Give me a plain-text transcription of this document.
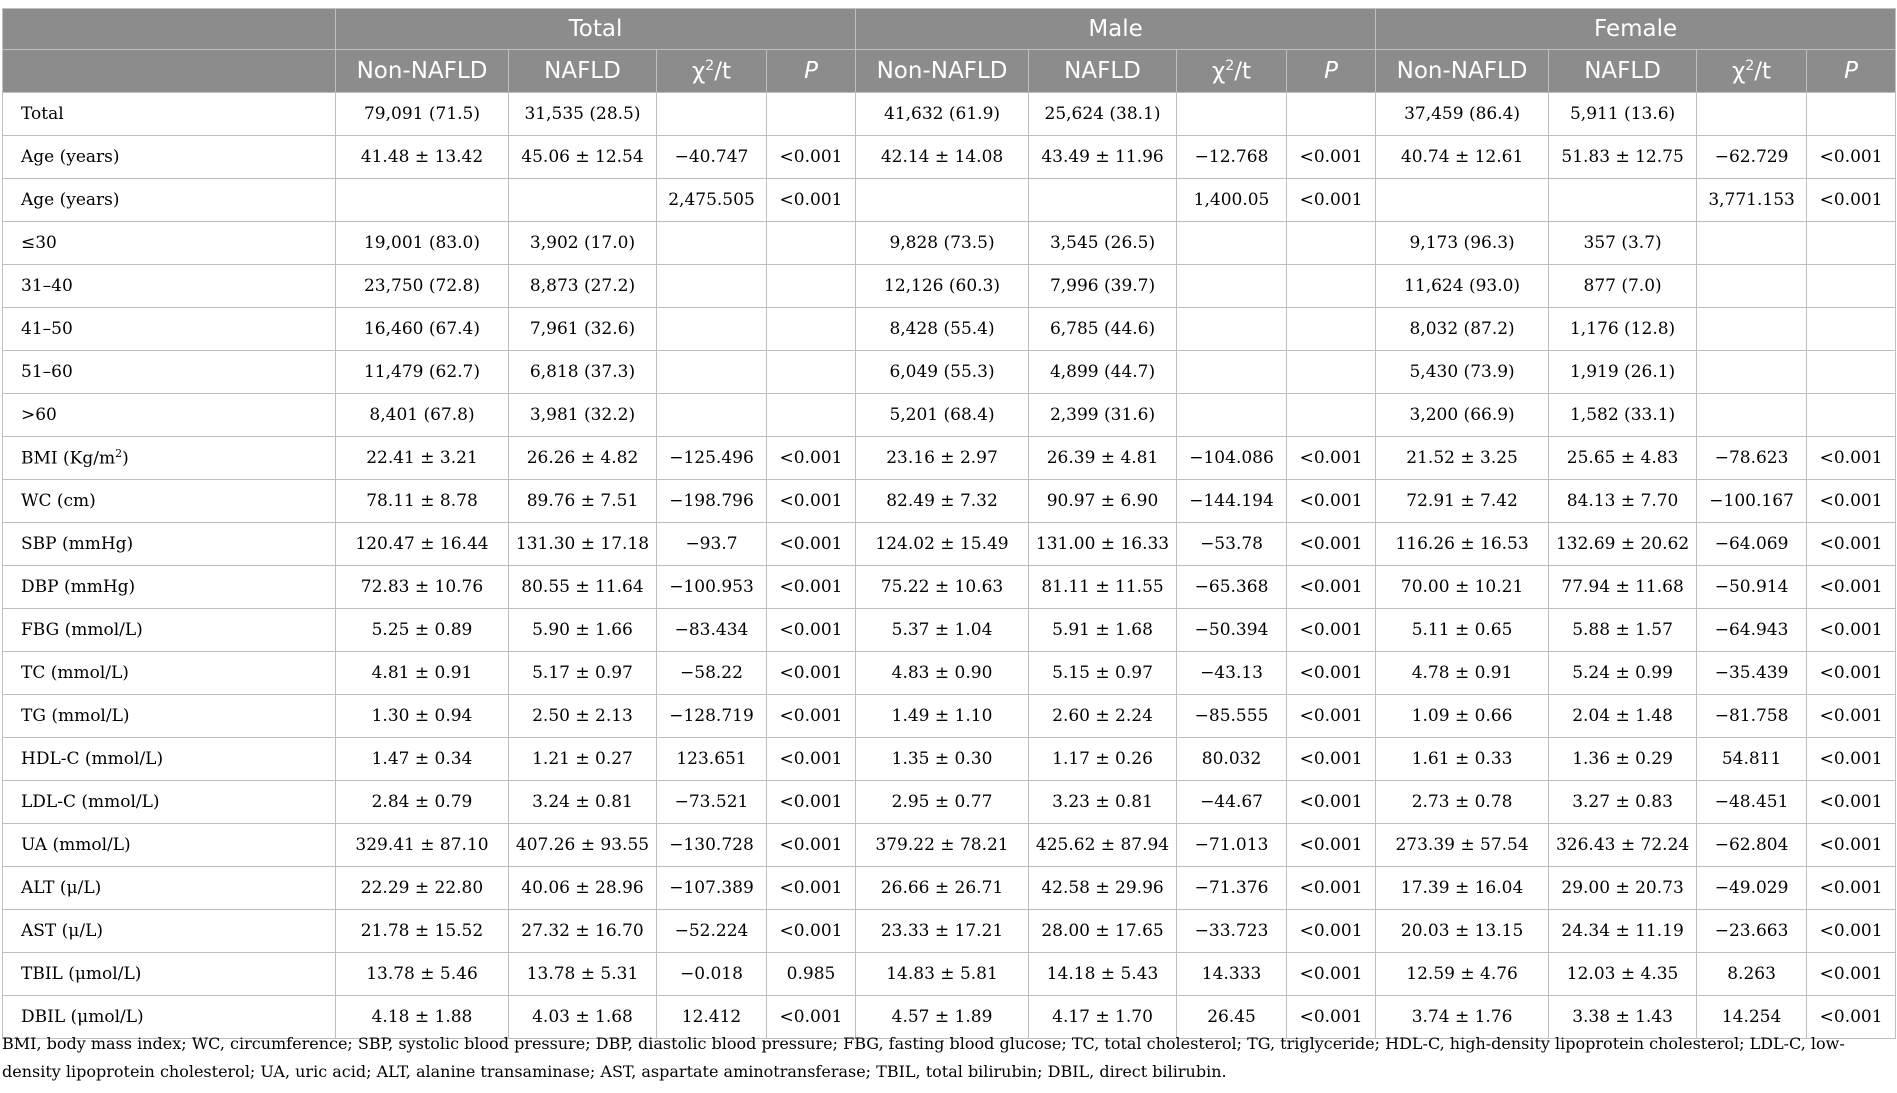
	Total				Male				Female			
	Non-NAFLD	NAFLD	$\chi^2/t$	P	Non-NAFLD	NAFLD	$\chi^2/t$	P	Non-NAFLD	NAFLD	$\chi^2/t$	P
Total	79,091 (71.5)	31,535 (28.5)			41,632 (61.9)	25,624 (38.1)			37,459 (86.4)	5,911 (13.6)		
Age (years)	41.48 ± 13.42	45.06 ± 12.54	−40.747	<0.001	42.14 ± 14.08	43.49 ± 11.96	−12.768	<0.001	40.74 ± 12.61	51.83 ± 12.75	−62.729	<0.001
Age (years)			2,475.505	<0.001			1,400.05	<0.001			3,771.153	<0.001
≤30	19,001 (83.0)	3,902 (17.0)			9,828 (73.5)	3,545 (26.5)			9,173 (96.3)	357 (3.7)		
31–40	23,750 (72.8)	8,873 (27.2)			12,126 (60.3)	7,996 (39.7)			11,624 (93.0)	877 (7.0)		
41–50	16,460 (67.4)	7,961 (32.6)			8,428 (55.4)	6,785 (44.6)			8,032 (87.2)	1,176 (12.8)		
51–60	11,479 (62.7)	6,818 (37.3)			6,049 (55.3)	4,899 (44.7)			5,430 (73.9)	1,919 (26.1)		
>60	8,401 (67.8)	3,981 (32.2)			5,201 (68.4)	2,399 (31.6)			3,200 (66.9)	1,582 (33.1)		
BMI $(Kg/m^2)$	22.41 ± 3.21	26.26 ± 4.82	−125.496	<0.001	23.16 ± 2.97	26.39 ± 4.81	−104.086	<0.001	21.52 ± 3.25	25.65 ± 4.83	−78.623	<0.001
WC (cm)	78.11 ± 8.78	89.76 ± 7.51	−198.796	<0.001	82.49 ± 7.32	90.97 ± 6.90	−144.194	<0.001	72.91 ± 7.42	84.13 ± 7.70	−100.167	<0.001
SBP (mmHg)	120.47 ± 16.44	131.30 ± 17.18	−93.7	<0.001	124.02 ± 15.49	131.00 ± 16.33	−53.78	<0.001	116.26 ± 16.53	132.69 ± 20.62	−64.069	<0.001
DBP (mmHg)	72.83 ± 10.76	80.55 ± 11.64	−100.953	<0.001	75.22 ± 10.63	81.11 ± 11.55	−65.368	<0.001	70.00 ± 10.21	77.94 ± 11.68	−50.914	<0.001
FBG (mmol/L)	5.25 ± 0.89	5.90 ± 1.66	−83.434	<0.001	5.37 ± 1.04	5.91 ± 1.68	−50.394	<0.001	5.11 ± 0.65	5.88 ± 1.57	−64.943	<0.001
TC (mmol/L)	4.81 ± 0.91	5.17 ± 0.97	−58.22	<0.001	4.83 ± 0.90	5.15 ± 0.97	−43.13	<0.001	4.78 ± 0.91	5.24 ± 0.99	−35.439	<0.001
TG (mmol/L)	1.30 ± 0.94	2.50 ± 2.13	−128.719	<0.001	1.49 ± 1.10	2.60 ± 2.24	−85.555	<0.001	1.09 ± 0.66	2.04 ± 1.48	−81.758	<0.001
HDL-C (mmol/L)	1.47 ± 0.34	1.21 ± 0.27	123.651	<0.001	1.35 ± 0.30	1.17 ± 0.26	80.032	<0.001	1.61 ± 0.33	1.36 ± 0.29	54.811	<0.001
LDL-C (mmol/L)	2.84 ± 0.79	3.24 ± 0.81	−73.521	<0.001	2.95 ± 0.77	3.23 ± 0.81	−44.67	<0.001	2.73 ± 0.78	3.27 ± 0.83	−48.451	<0.001
UA (mmol/L)	329.41 ± 87.10	407.26 ± 93.55	−130.728	<0.001	379.22 ± 78.21	425.62 ± 87.94	−71.013	<0.001	273.39 ± 57.54	326.43 ± 72.24	−62.804	<0.001
ALT (μ/L)	22.29 ± 22.80	40.06 ± 28.96	−107.389	<0.001	26.66 ± 26.71	42.58 ± 29.96	−71.376	<0.001	17.39 ± 16.04	29.00 ± 20.73	−49.029	<0.001
AST (μ/L)	21.78 ± 15.52	27.32 ± 16.70	−52.224	<0.001	23.33 ± 17.21	28.00 ± 17.65	−33.723	<0.001	20.03 ± 13.15	24.34 ± 11.19	−23.663	<0.001
TBIL (μmol/L)	13.78 ± 5.46	13.78 ± 5.31	−0.018	0.985	14.83 ± 5.81	14.18 ± 5.43	14.333	<0.001	12.59 ± 4.76	12.03 ± 4.35	8.263	<0.001
DBIL (μmol/L)	4.18 ± 1.88	4.03 ± 1.68	12.412	<0.001	4.57 ± 1.89	4.17 ± 1.70	26.45	<0.001	3.74 ± 1.76	3.38 ± 1.43	14.254	<0.001
BMI, body mass index; WC, circumference; SBP, systolic blood pressure; DBP, diastolic blood pressure; FBG, fasting blood glucose; TC, total cholesterol; TG, triglyceride; HDL-C, high-density lipoprotein cholesterol; LDL-C, low-density lipoprotein cholesterol; UA, uric acid; ALT, alanine transaminase; AST, aspartate aminotransferase; TBIL, total bilirubin; DBIL, direct bilirubin.
